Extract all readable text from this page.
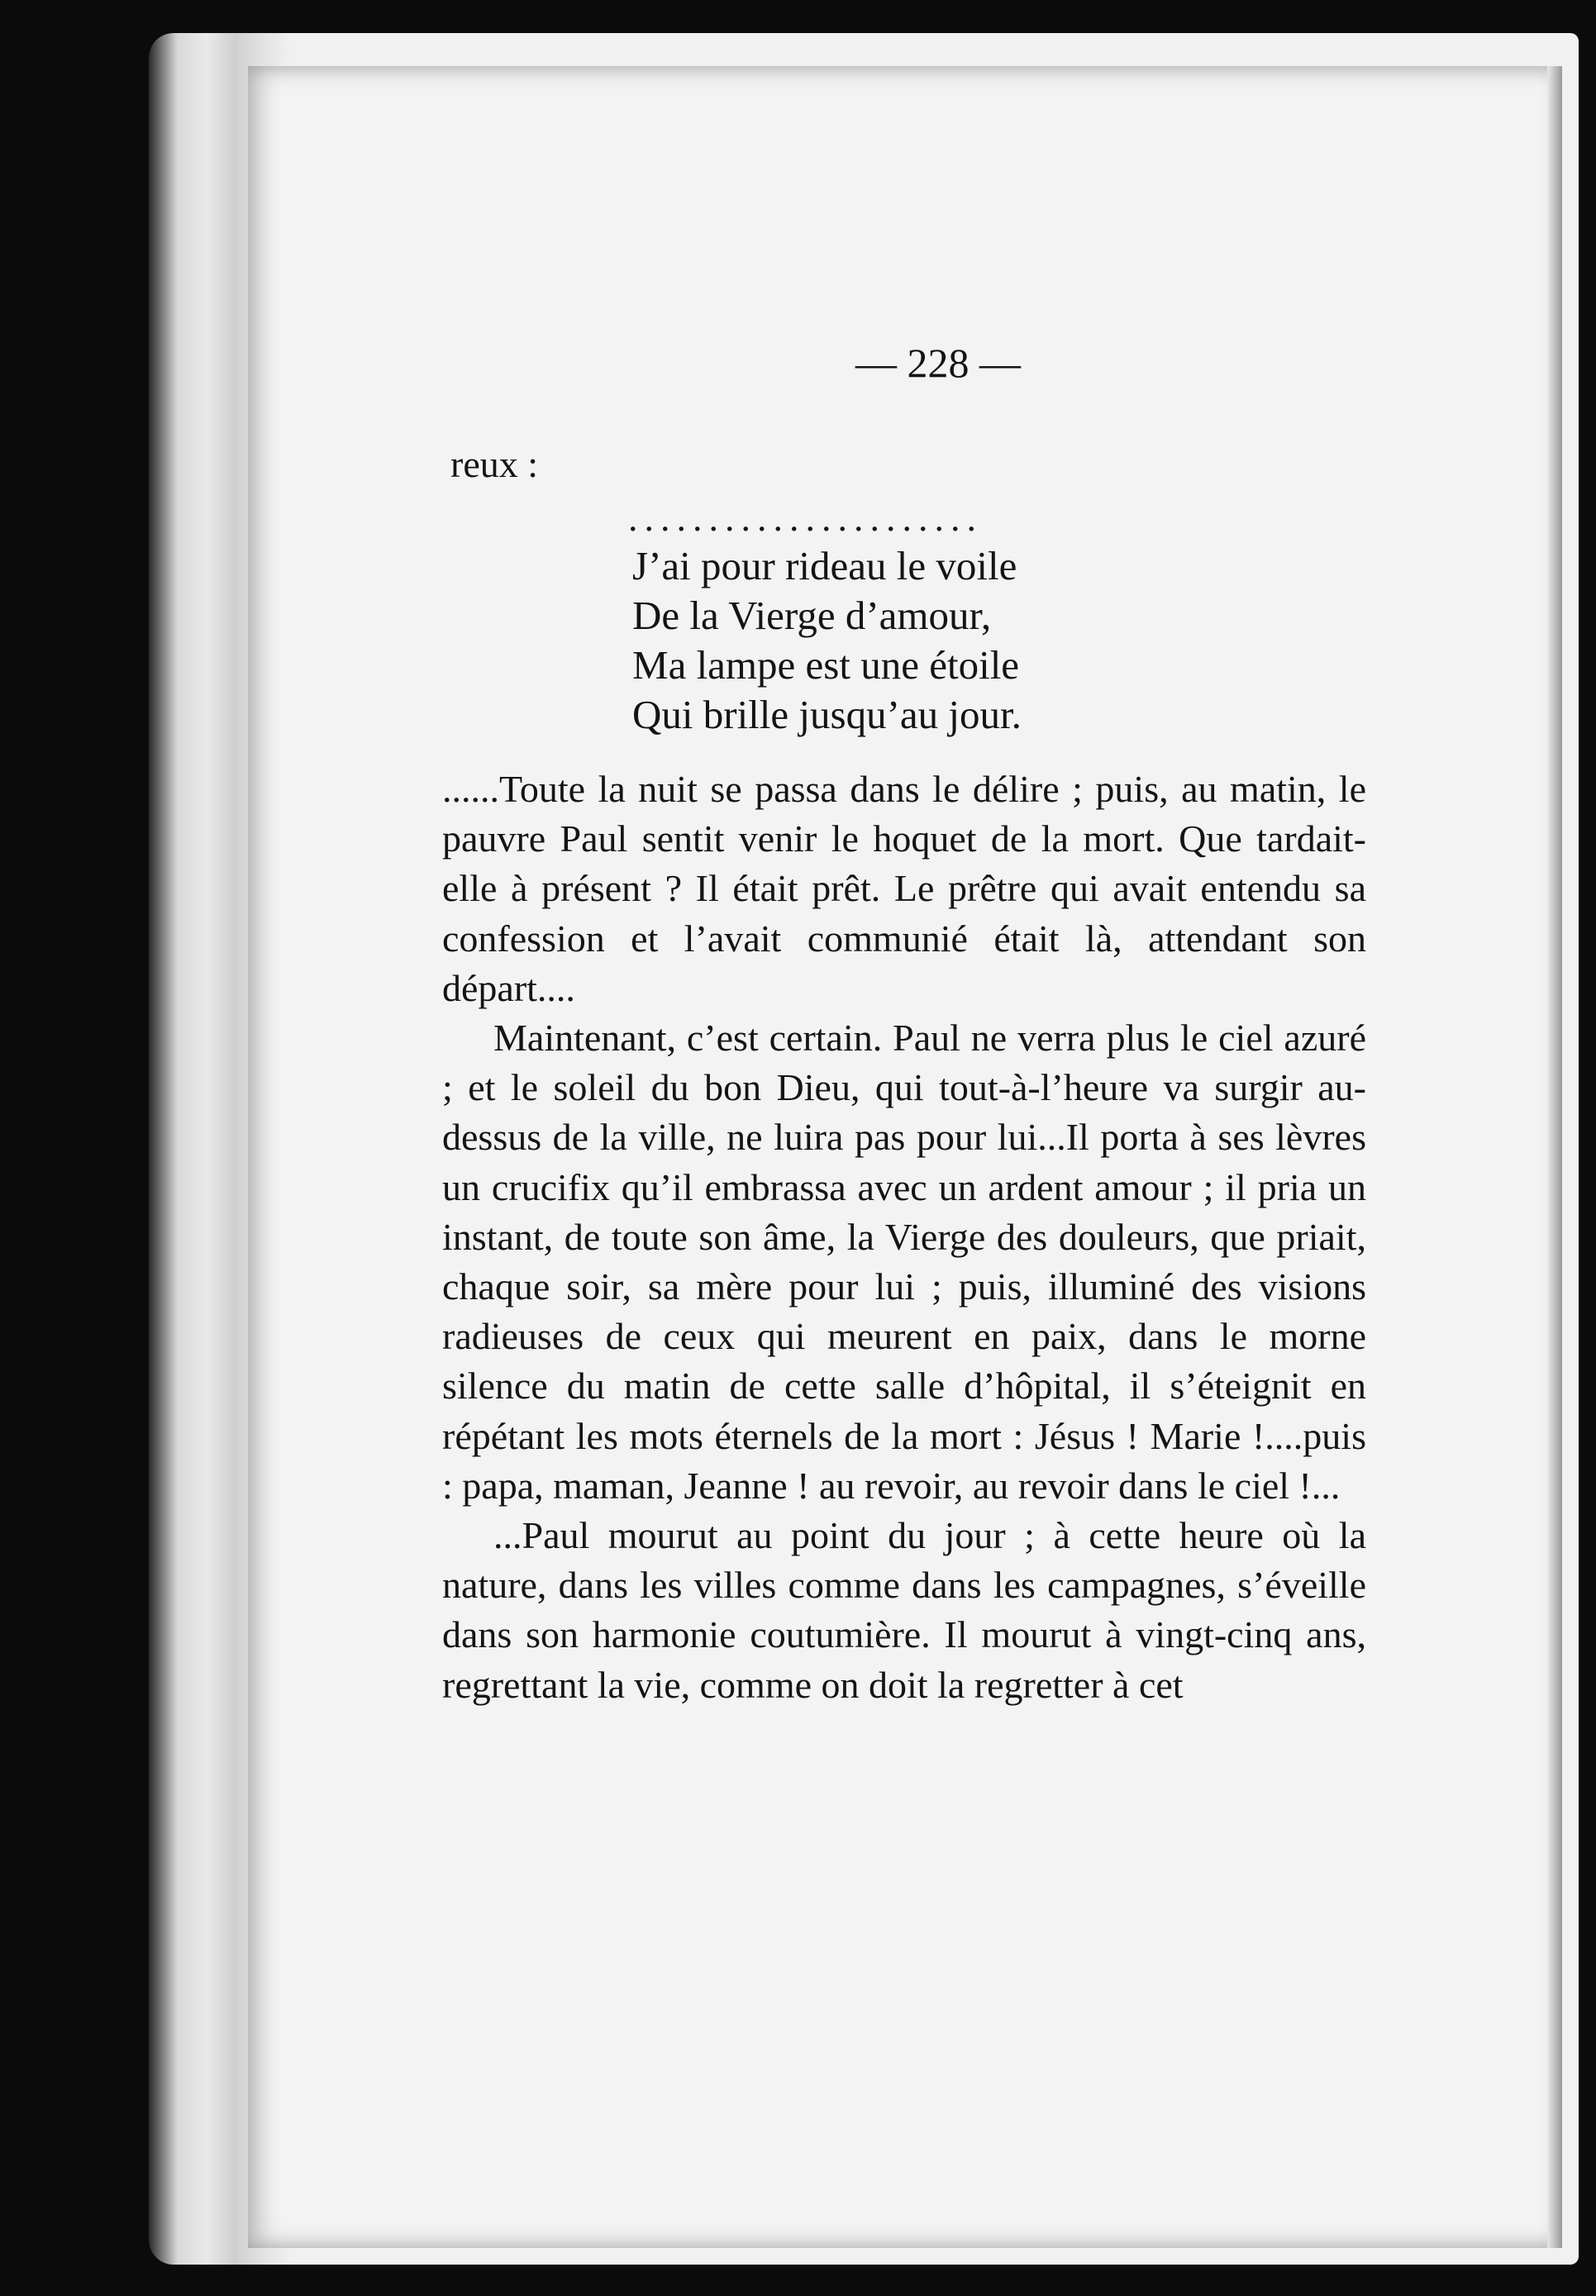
— 228 —
reux :
......................
J’ai pour rideau le voile
De la Vierge d’amour,
Ma lampe est une étoile
Qui brille jusqu’au jour.

......Toute la nuit se passa dans le délire ; puis, au matin, le pauvre Paul sentit venir le hoquet de la mort. Que tardait-elle à présent ? Il était prêt. Le prêtre qui avait entendu sa confession et l’avait communié était là, attendant son départ....

Maintenant, c’est certain. Paul ne verra plus le ciel azuré ; et le soleil du bon Dieu, qui tout-à-l’heure va surgir au-dessus de la ville, ne luira pas pour lui...Il porta à ses lèvres un crucifix qu’il embrassa avec un ardent amour ; il pria un instant, de toute son âme, la Vierge des douleurs, que priait, chaque soir, sa mère pour lui ; puis, illuminé des visions radieuses de ceux qui meurent en paix, dans le morne silence du matin de cette salle d’hôpital, il s’éteignit en répétant les mots éternels de la mort : Jésus ! Marie !....puis : papa, maman, Jeanne ! au revoir, au revoir dans le ciel !...

...Paul mourut au point du jour ; à cette heure où la nature, dans les villes comme dans les campagnes, s’éveille dans son harmonie coutumière. Il mourut à vingt-cinq ans, regrettant la vie, comme on doit la regretter à cet
